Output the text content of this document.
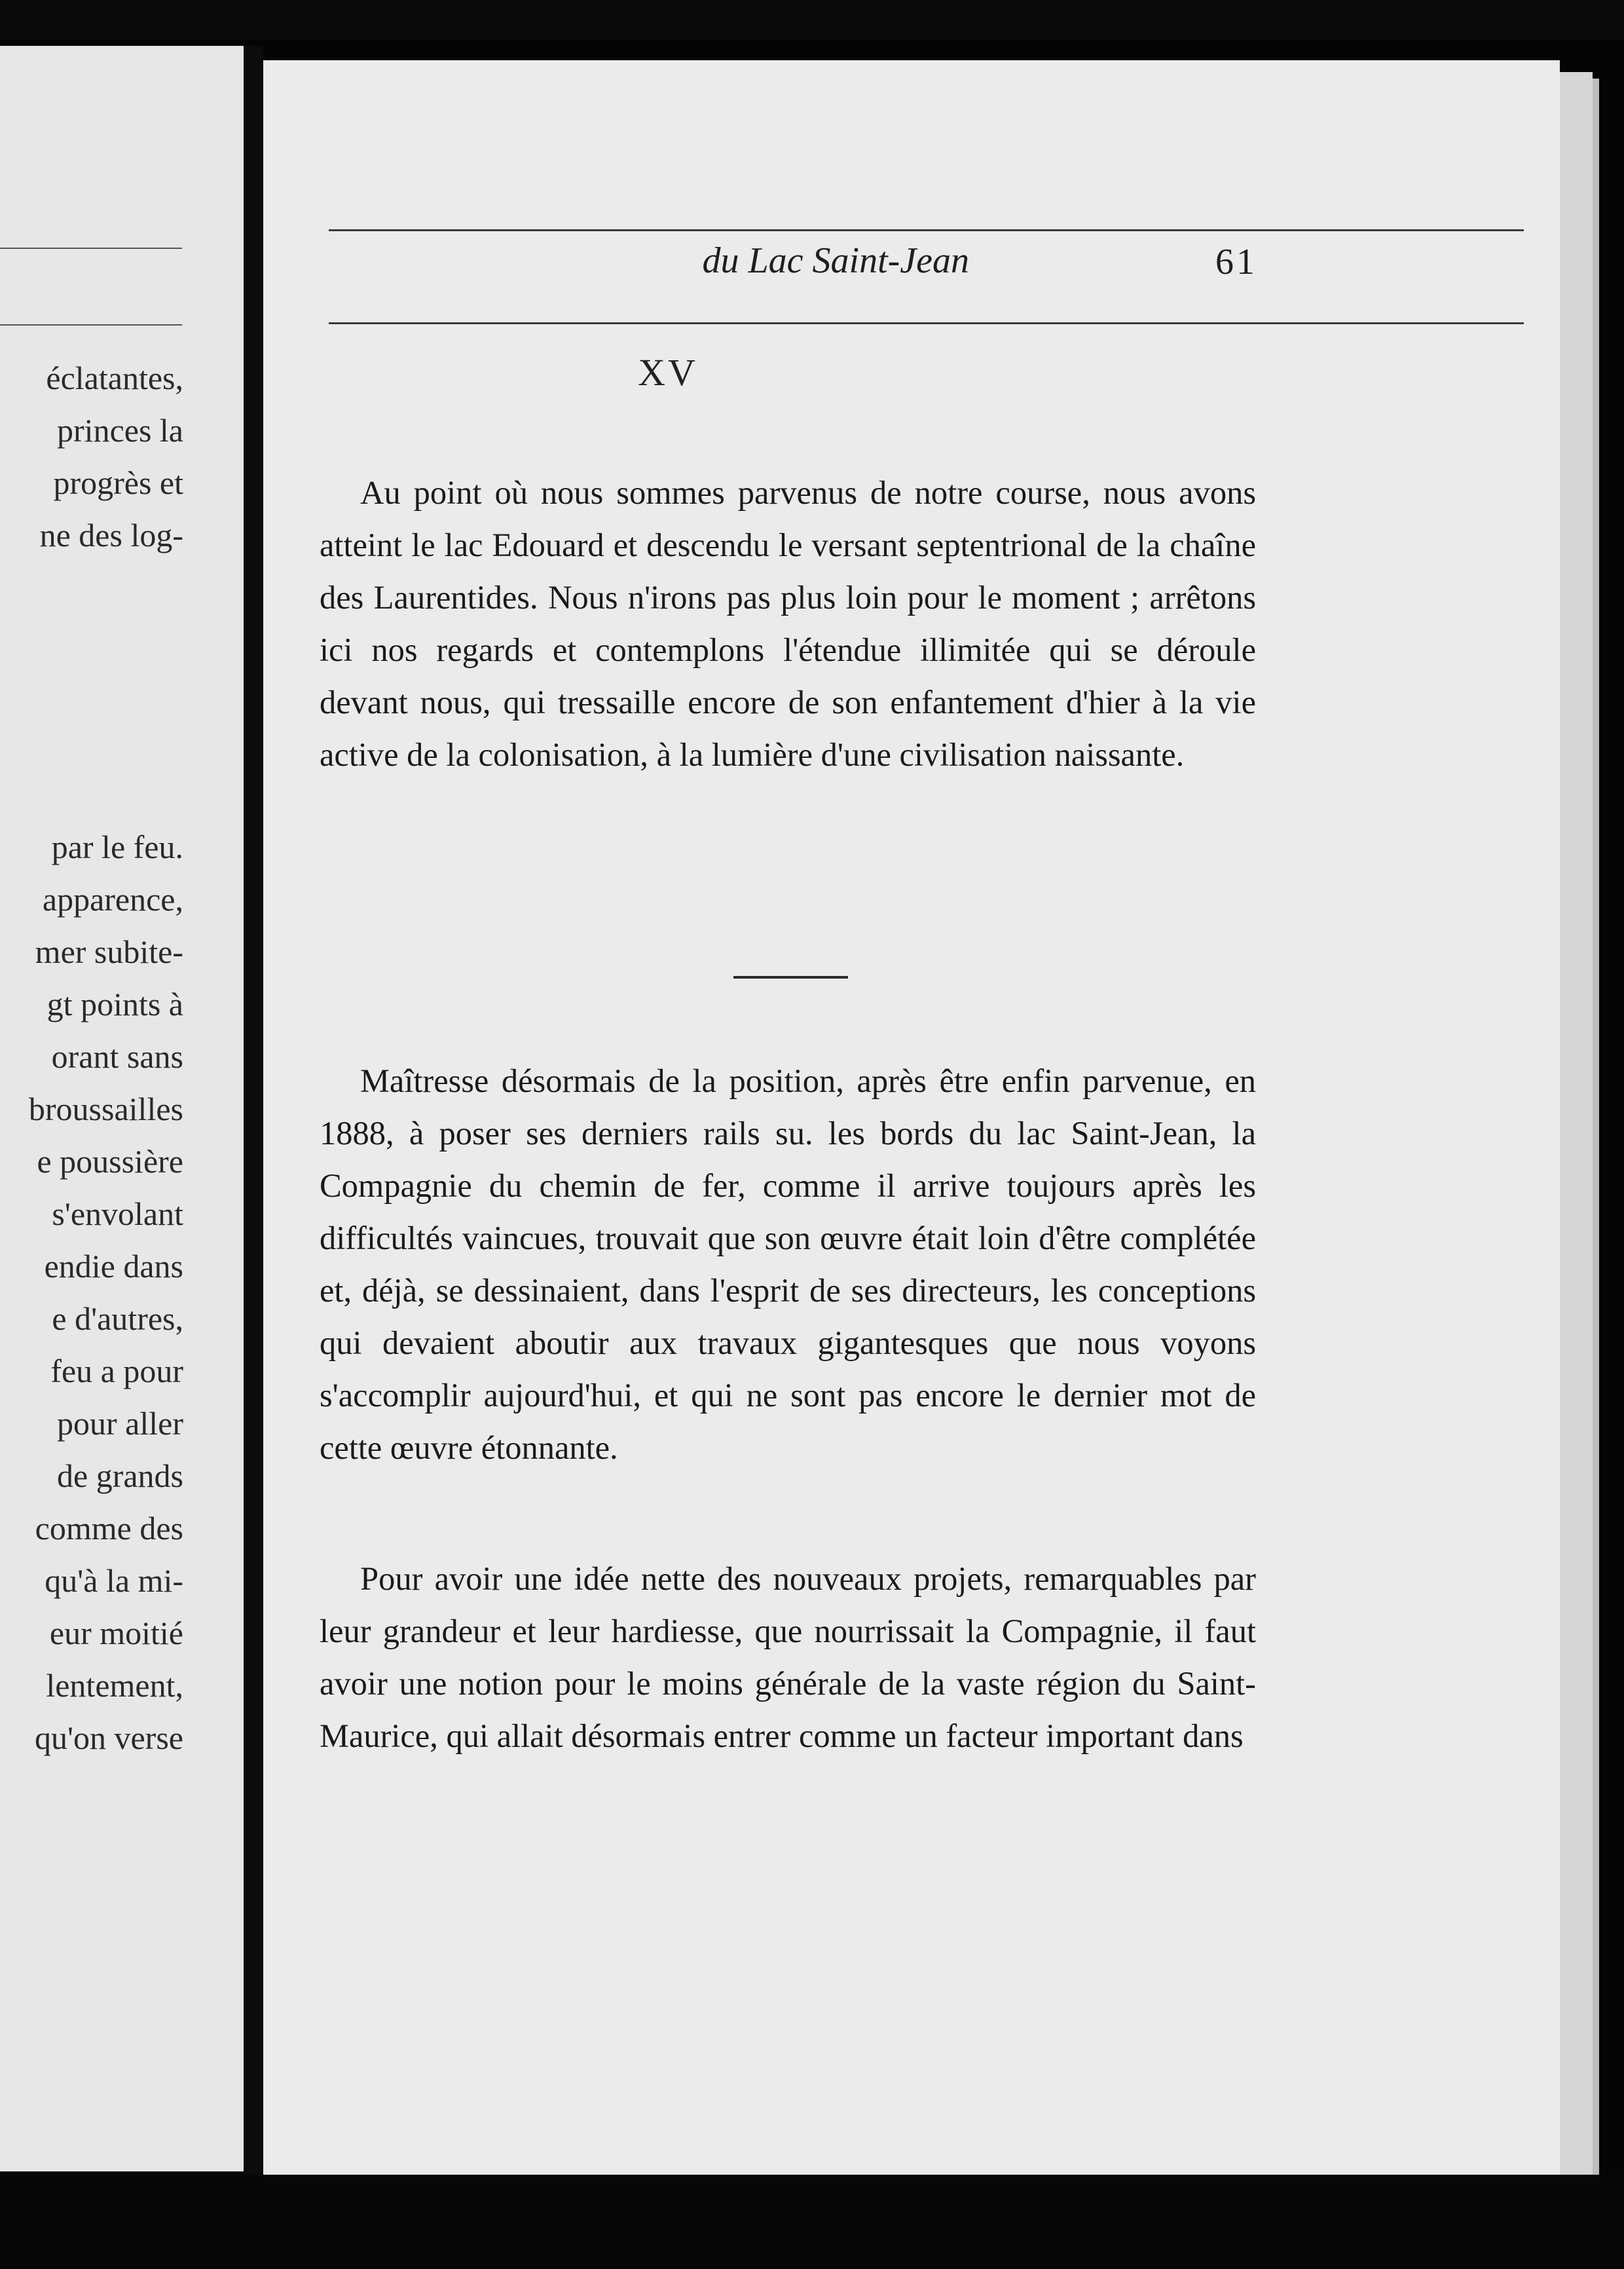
éclatantes,
princes la
progrès et
ne des log-
par le feu.
apparence,
mer subite-
gt points à
orant sans
broussailles
e poussière
s'envolant
endie dans
e d'autres,
feu a pour
pour aller
de grands
comme des
qu'à la mi-
eur moitié
lentement,
qu'on verse
du Lac Saint-Jean	61
XV

Au point où nous sommes parvenus de notre course, nous avons atteint le lac Edouard et descendu le versant septentrional de la chaîne des Laurentides. Nous n'irons pas plus loin pour le moment ; arrêtons ici nos regards et contemplons l'étendue illimitée qui se déroule devant nous, qui tressaille encore de son enfantement d'hier à la vie active de la colonisation, à la lumière d'une civilisation naissante.

Maîtresse désormais de la position, après être enfin parvenue, en 1888, à poser ses derniers rails su. les bords du lac Saint-Jean, la Compagnie du chemin de fer, comme il arrive toujours après les difficultés vaincues, trouvait que son œuvre était loin d'être complétée et, déjà, se dessinaient, dans l'esprit de ses directeurs, les conceptions qui devaient aboutir aux travaux gigantesques que nous voyons s'accomplir aujourd'hui, et qui ne sont pas encore le dernier mot de cette œuvre étonnante.

Pour avoir une idée nette des nouveaux projets, remarquables par leur grandeur et leur hardiesse, que nourrissait la Compagnie, il faut avoir une notion pour le moins générale de la vaste région du Saint-Maurice, qui allait désormais entrer comme un facteur important dans
